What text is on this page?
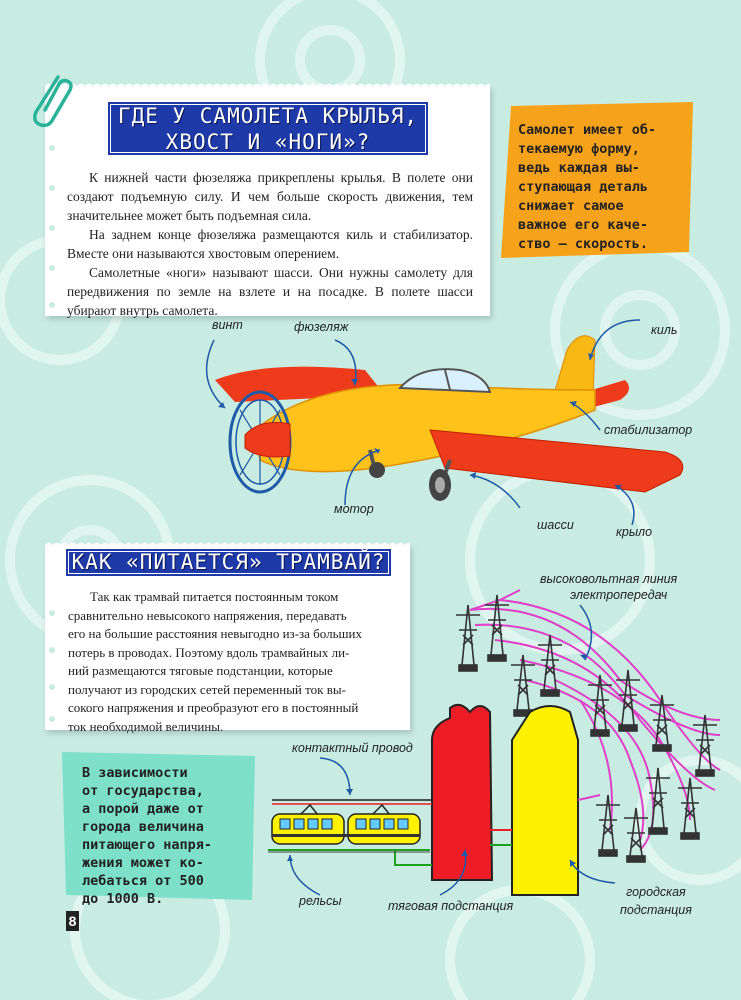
ГДЕ У САМОЛЕТА КРЫЛЬЯ,
ХВОСТ И «НОГИ»?

К нижней части фюзеляжа прикреплены крылья. В полете они создают подъемную силу. И чем больше скорость движения, тем значительнее может быть подъемная сила.

На заднем конце фюзеляжа размещаются киль и стабилизатор. Вместе они называются хвостовым оперением.

Самолетные «ноги» называют шасси. Они нужны самолету для передвижения по земле на взлете и на посадке. В полете шасси убирают внутрь самолета.

Самолет имеет об-
текаемую форму,
ведь каждая вы-
ступающая деталь
снижает самое
важное его каче-
ство — скорость.
винт	фюзеляж	киль
стабилизатор
мотор
шасси	крыло
КАК «ПИТАЕТСЯ» ТРАМВАЙ?
Так как трамвай питается постоянным током
сравнительно невысокого напряжения, передавать
его на большие расстояния невыгодно из-за больших
потерь в проводах. Поэтому вдоль трамвайных ли-
ний размещаются тяговые подстанции, которые
получают из городских сетей переменный ток вы-
сокого напряжения и преобразуют его в постоянный
ток необходимой величины.
В зависимости
от государства,
а порой даже от
города величина
питающего напря-
жения может ко-
лебаться от 500
до 1000 В.
высоковольтная линия
электропередач
контактный провод
рельсы	тяговая подстанция
городская
подстанция
8
